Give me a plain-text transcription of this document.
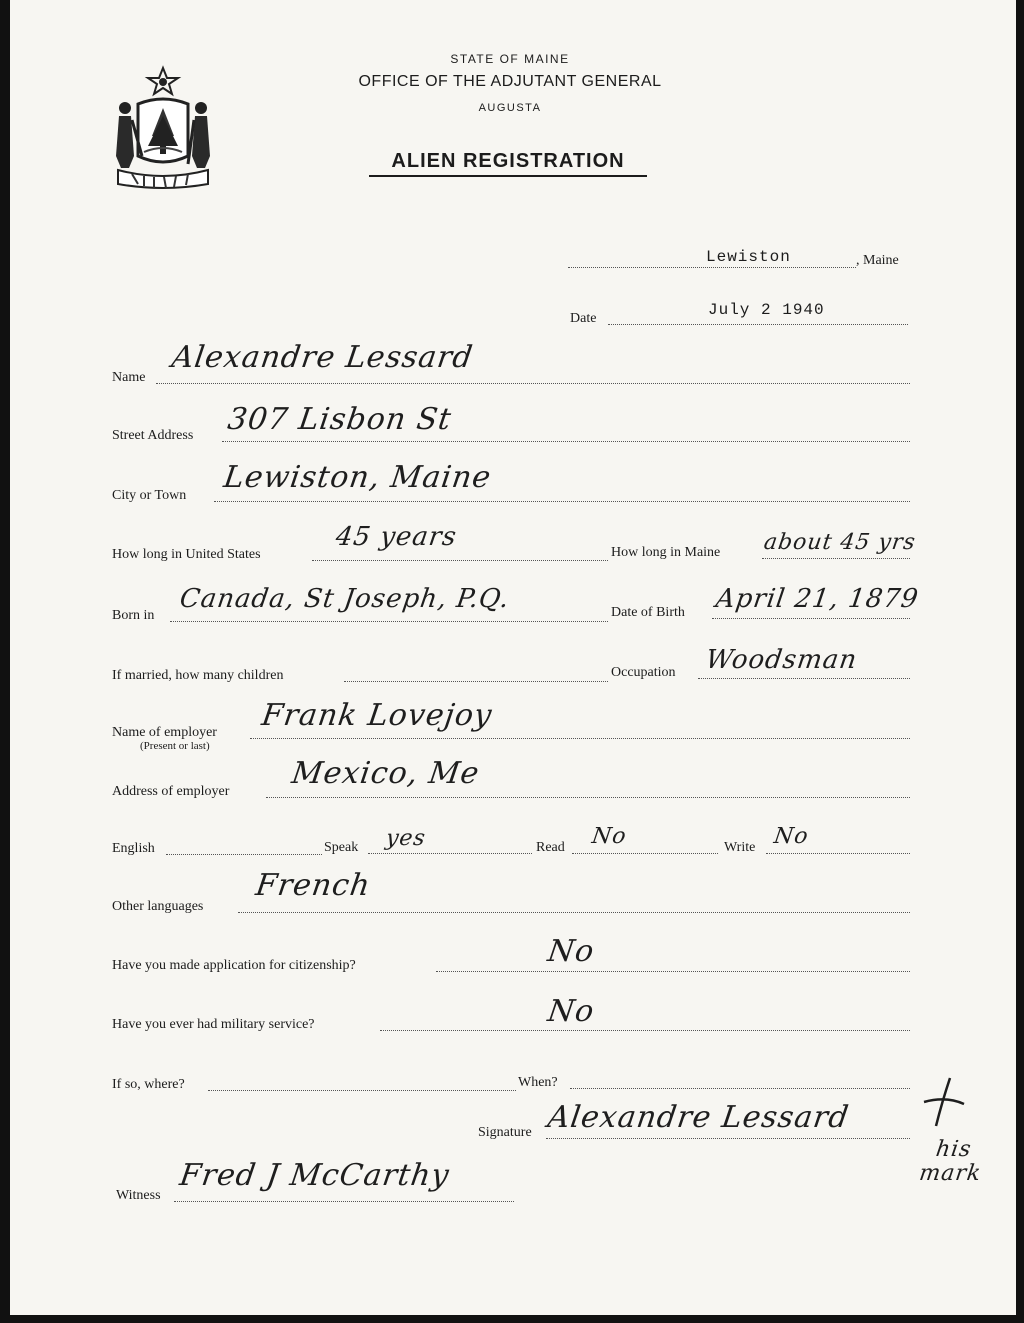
STATE OF MAINE
OFFICE OF THE ADJUTANT GENERAL
AUGUSTA
ALIEN REGISTRATION
Lewiston	, Maine
Date	July 2 1940
Name
Alexandre Lessard
Street Address 307 Lisbon St
City or Town
Lewiston, Maine
How long in United States
45 years
How long in Maine about 45 yrs
Born in
Canada, St Joseph, P.Q.	Date of Birth April 21, 1879
If married, how many children	Occupation Woodsman
Name of employer
(Present or last)
Frank Lovejoy
Address of employer
Mexico, Me
English	Speak yes	Read No	Write No
Other languages
French
Have you made application for citizenship?	No
Have you ever had military service?	No
If so, where?	When?
Signature Alexandre Lessard
his mark
Witness
Fred J McCarthy
